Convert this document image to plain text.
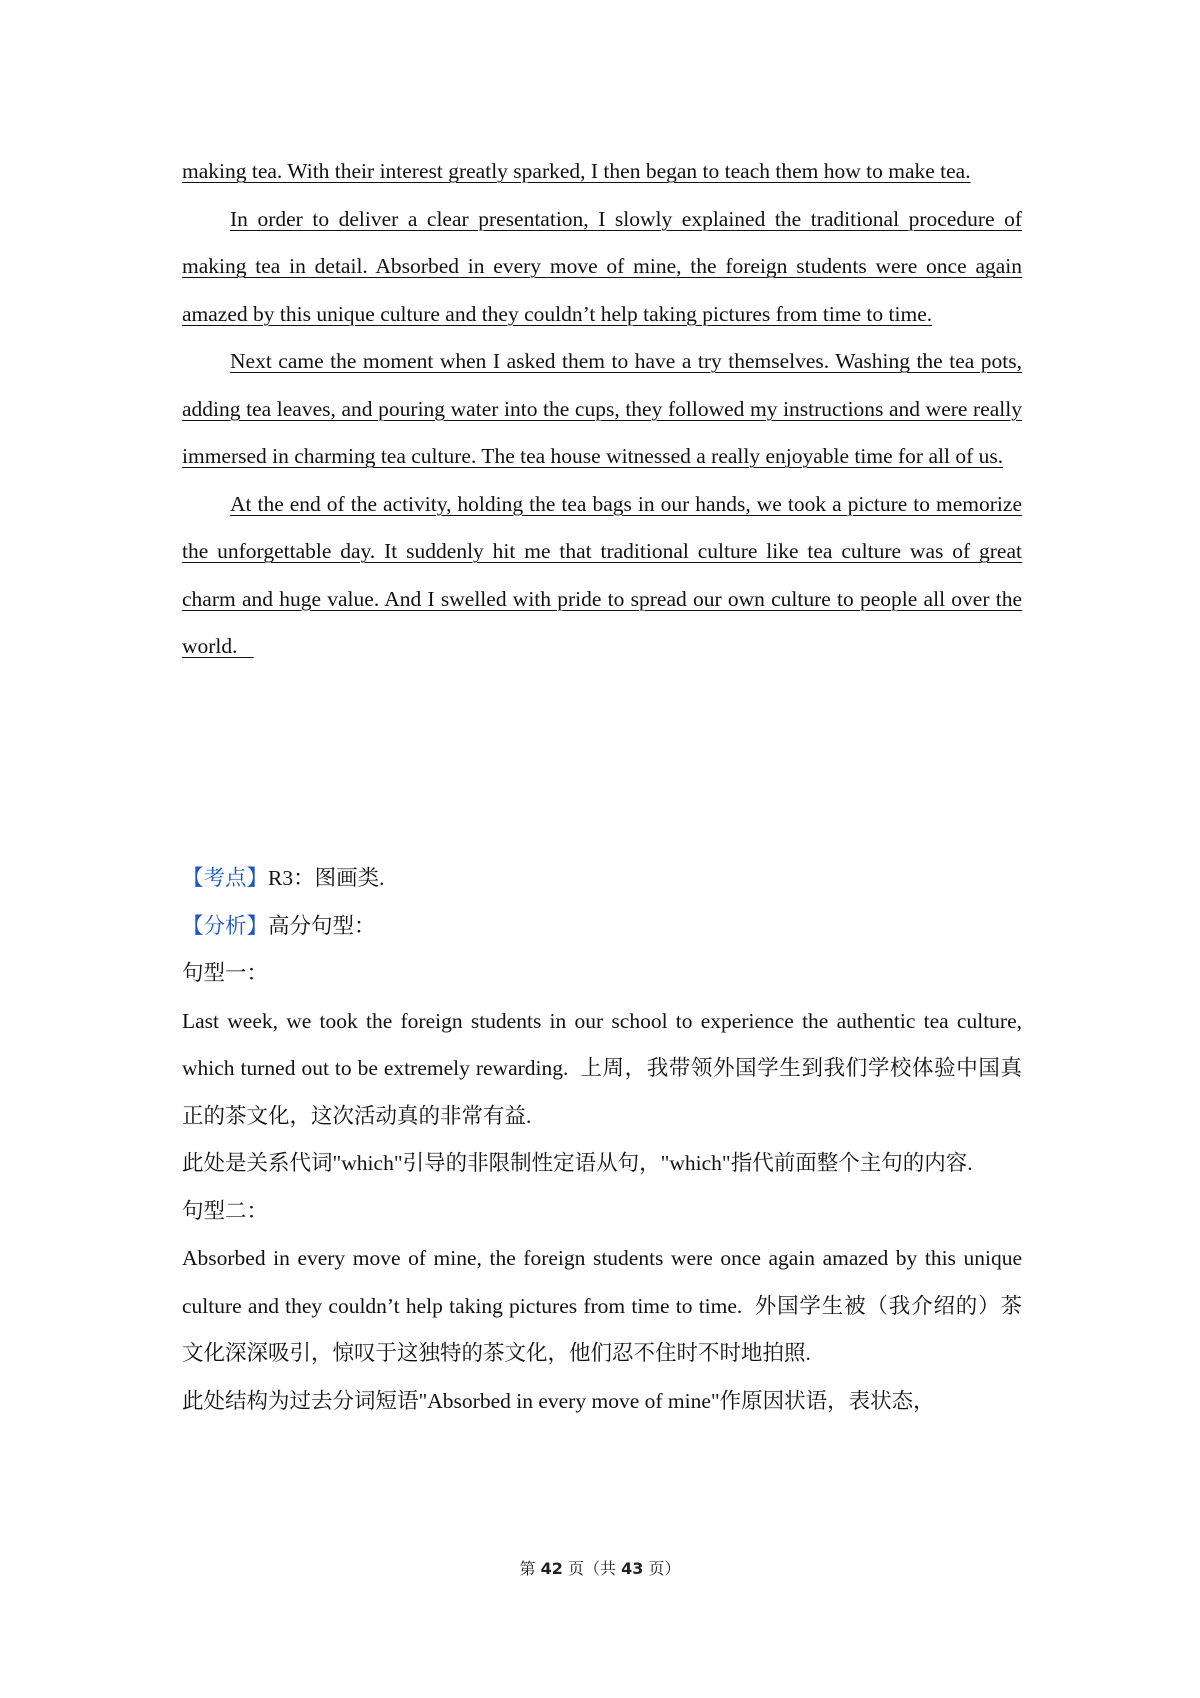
making tea. With their interest greatly sparked, I then began to teach them how to make tea.

In order to deliver a clear presentation, I slowly explained the traditional procedure of making tea in detail. Absorbed in every move of mine, the foreign students were once again amazed by this unique culture and they couldn’t help taking pictures from time to time.

Next came the moment when I asked them to have a try themselves. Washing the tea pots, adding tea leaves, and pouring water into the cups, they followed my instructions and were really immersed in charming tea culture. The tea house witnessed a really enjoyable time for all of us.

At the end of the activity, holding the tea bags in our hands, we took a picture to memorize the unforgettable day. It suddenly hit me that traditional culture like tea culture was of great charm and huge value. And I swelled with pride to spread our own culture to people all over the world.

【考点】R3：图画类.

【分析】高分句型：

句型一：

Last week, we took the foreign students in our school to experience the authentic tea culture, which turned out to be extremely rewarding. 上周，我带领外国学生到我们学校体验中国真正的茶文化，这次活动真的非常有益.

此处是关系代词"which"引导的非限制性定语从句，"which"指代前面整个主句的内容.

句型二：

Absorbed in every move of mine, the foreign students were once again amazed by this unique culture and they couldn’t help taking pictures from time to time. 外国学生被（我介绍的）茶文化深深吸引，惊叹于这独特的茶文化，他们忍不住时不时地拍照.

此处结构为过去分词短语"Absorbed in every move of mine"作原因状语，表状态，

第 42 页（共 43 页）
